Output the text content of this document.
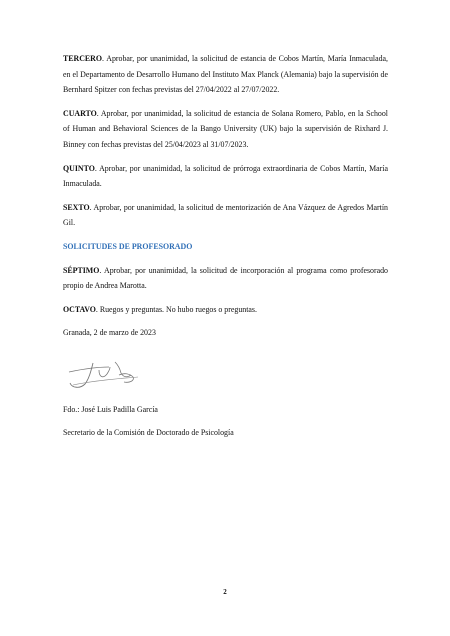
TERCERO. Aprobar, por unanimidad, la solicitud de estancia de Cobos Martín, María Inmaculada, en el Departamento de Desarrollo Humano del Instituto Max Planck (Alemania) bajo la supervisión de Bernhard Spitzer con fechas previstas del 27/04/2022 al 27/07/2022.

CUARTO. Aprobar, por unanimidad, la solicitud de estancia de Solana Romero, Pablo, en la School of Human and Behavioral Sciences de la Bango University (UK) bajo la supervisión de Rixhard J. Binney con fechas previstas del 25/04/2023 al 31/07/2023.

QUINTO. Aprobar, por unanimidad, la solicitud de prórroga extraordinaria de Cobos Martín, María Inmaculada.

SEXTO. Aprobar, por unanimidad, la solicitud de mentorización de Ana Vázquez de Agredos Martín Gil.

SOLICITUDES DE PROFESORADO

SÉPTIMO. Aprobar, por unanimidad, la solicitud de incorporación al programa como profesorado propio de Andrea Marotta.

OCTAVO. Ruegos y preguntas. No hubo ruegos o preguntas.

Granada, 2 de marzo de 2023

Fdo.: José Luis Padilla García

Secretario de la Comisión de Doctorado de Psicología

2
